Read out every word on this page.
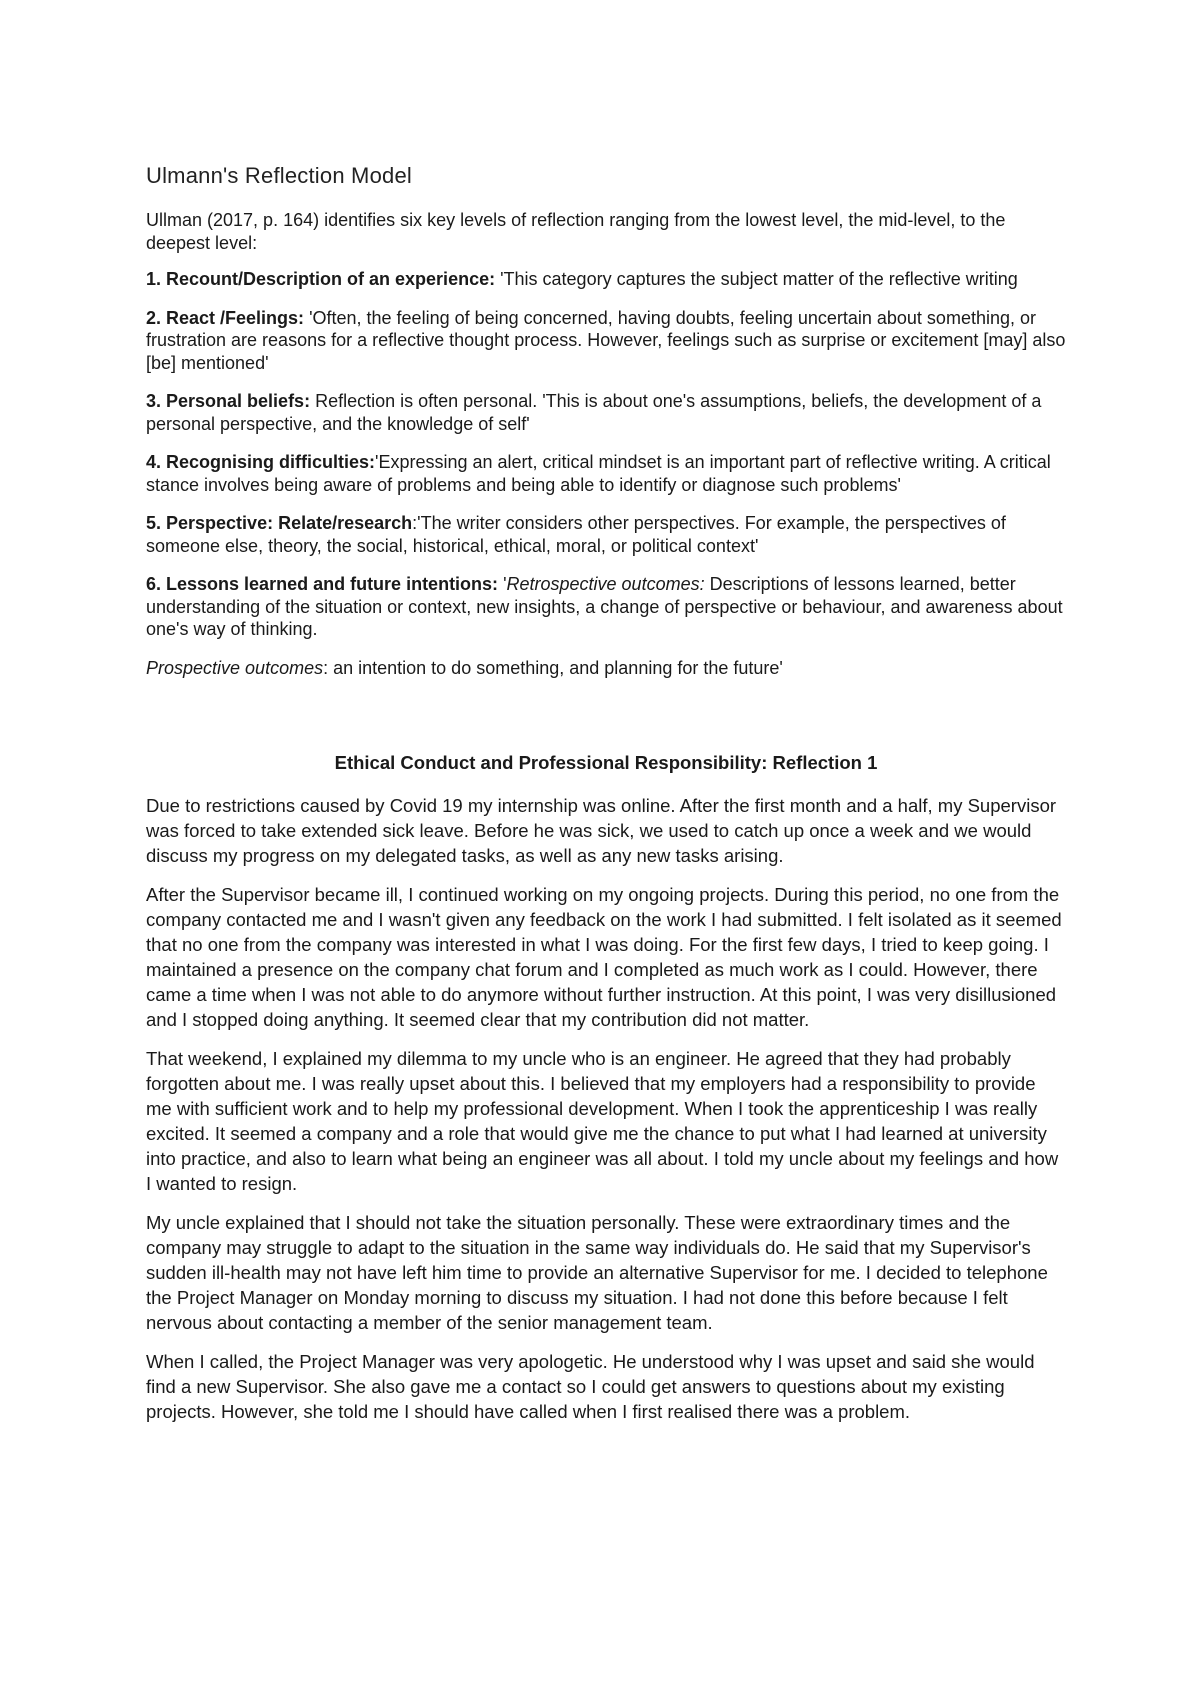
Ulmann's Reflection Model

Ullman (2017, p. 164) identifies six key levels of reflection ranging from the lowest level, the mid-level, to the deepest level:

1. Recount/Description of an experience: 'This category captures the subject matter of the reflective writing

2. React /Feelings: 'Often, the feeling of being concerned, having doubts, feeling uncertain about something, or frustration are reasons for a reflective thought process. However, feelings such as surprise or excitement [may] also [be] mentioned'

3. Personal beliefs: Reflection is often personal. 'This is about one's assumptions, beliefs, the development of a personal perspective, and the knowledge of self'

4. Recognising difficulties:'Expressing an alert, critical mindset is an important part of reflective writing. A critical stance involves being aware of problems and being able to identify or diagnose such problems'

5. Perspective: Relate/research:'The writer considers other perspectives. For example, the perspectives of someone else, theory, the social, historical, ethical, moral, or political context'

6. Lessons learned and future intentions: 'Retrospective outcomes: Descriptions of lessons learned, better understanding of the situation or context, new insights, a change of perspective or behaviour, and awareness about one's way of thinking.

Prospective outcomes: an intention to do something, and planning for the future'

Ethical Conduct and Professional Responsibility: Reflection 1

Due to restrictions caused by Covid 19 my internship was online. After the first month and a half, my Supervisor was forced to take extended sick leave. Before he was sick, we used to catch up once a week and we would discuss my progress on my delegated tasks, as well as any new tasks arising.

After the Supervisor became ill, I continued working on my ongoing projects. During this period, no one from the company contacted me and I wasn't given any feedback on the work I had submitted. I felt isolated as it seemed that no one from the company was interested in what I was doing. For the first few days, I tried to keep going. I maintained a presence on the company chat forum and I completed as much work as I could. However, there came a time when I was not able to do anymore without further instruction. At this point, I was very disillusioned and I stopped doing anything. It seemed clear that my contribution did not matter.

That weekend, I explained my dilemma to my uncle who is an engineer. He agreed that they had probably forgotten about me. I was really upset about this. I believed that my employers had a responsibility to provide me with sufficient work and to help my professional development. When I took the apprenticeship I was really excited. It seemed a company and a role that would give me the chance to put what I had learned at university into practice, and also to learn what being an engineer was all about. I told my uncle about my feelings and how I wanted to resign.

My uncle explained that I should not take the situation personally. These were extraordinary times and the company may struggle to adapt to the situation in the same way individuals do. He said that my Supervisor's sudden ill-health may not have left him time to provide an alternative Supervisor for me. I decided to telephone the Project Manager on Monday morning to discuss my situation. I had not done this before because I felt nervous about contacting a member of the senior management team.

When I called, the Project Manager was very apologetic. He understood why I was upset and said she would find a new Supervisor. She also gave me a contact so I could get answers to questions about my existing projects. However, she told me I should have called when I first realised there was a problem.
